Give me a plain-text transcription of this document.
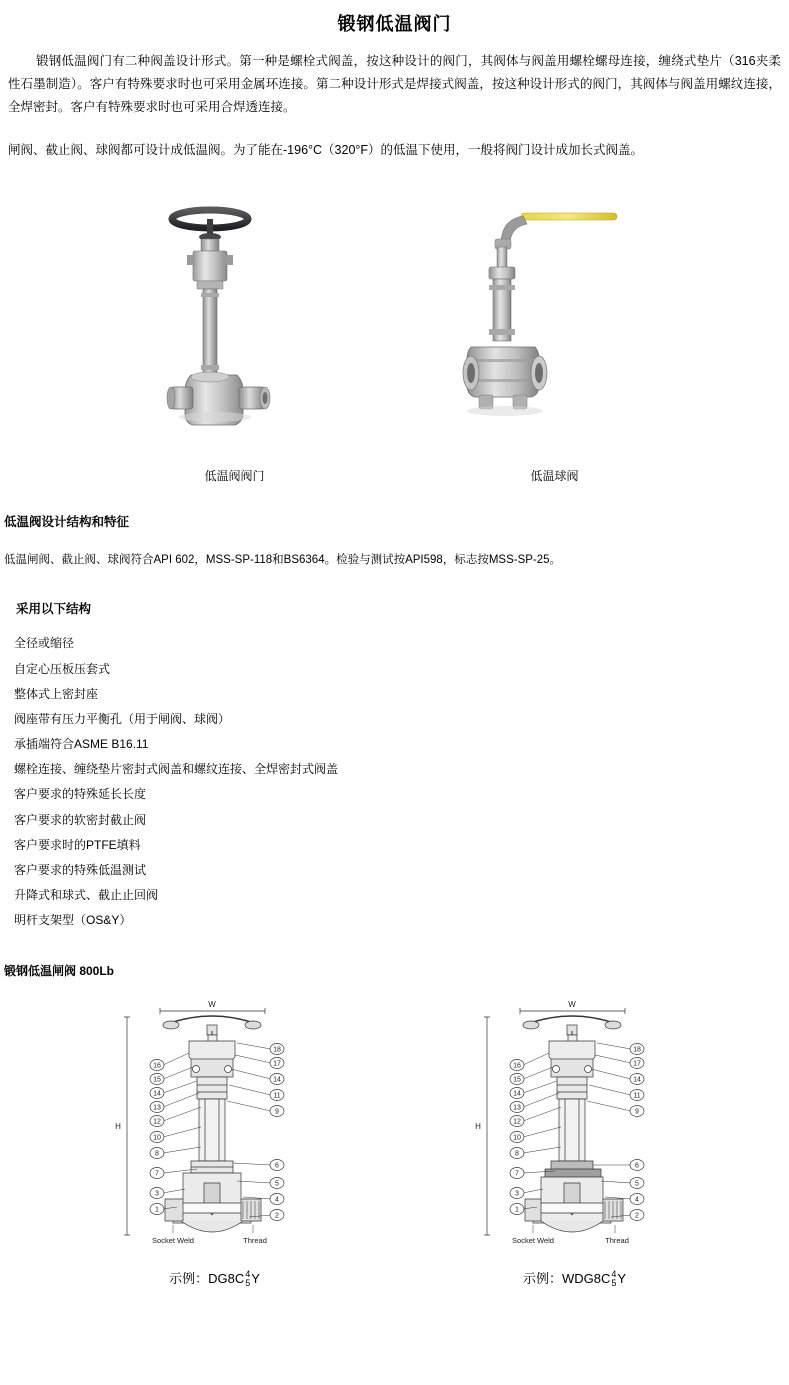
锻钢低温阀门
锻钢低温阀门有二种阀盖设计形式。第一种是螺栓式阀盖，按这种设计的阀门，其阀体与阀盖用螺栓螺母连接，缠绕式垫片（316夹柔性石墨制造）。客户有特殊要求时也可采用金属环连接。第二种设计形式是焊接式阀盖，按这种设计形式的阀门，其阀体与阀盖用螺纹连接，全焊密封。客户有特殊要求时也可采用合焊透连接。
闸阀、截止阀、球阀都可设计成低温阀。为了能在-196°C（320°F）的低温下使用，一般将阀门设计成加长式阀盖。
低温阀阀门	低温球阀
低温阀设计结构和特征
低温闸阀、截止阀、球阀符合API 602，MSS-SP-118和BS6364。检验与测试按API598，标志按MSS-SP-25。
采用以下结构
全径或缩径
自定心压板压套式
整体式上密封座
阀座带有压力平衡孔（用于闸阀、球阀）
承插端符合ASME B16.11
螺栓连接、缠绕垫片密封式阀盖和螺纹连接、全焊密封式阀盖
客户要求的特殊延长长度
客户要求的软密封截止阀
客户要求时的PTFE填料
客户要求的特殊低温测试
升降式和球式、截止止回阀
明杆支架型（OS&Y）
锻钢低温闸阀 800Lb
W
H
16
15
14
13
12
10
8
7
3
1
18
17
14
11
9
6
5
4
2
Socket Weld	Thread
示例：DG8C4
5Y
W
H
16
15
14
13
12
10
8
7
3
1
18
17
14
11
9
6
5
4
2
Socket Weld	Thread
示例：WDG8C4
5Y
